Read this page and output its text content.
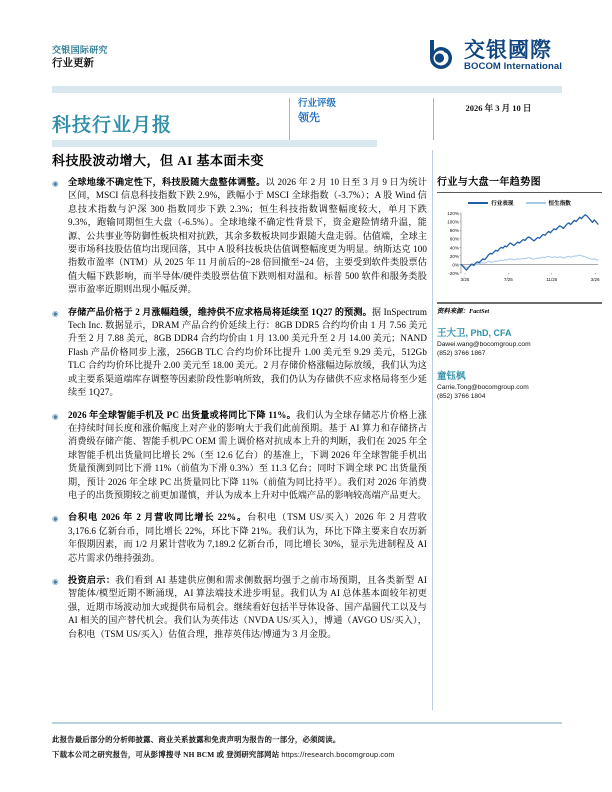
交银国际研究
行业更新
交银國際
BOCOM International
科技行业月报
行业评级
领先
2026 年 3 月 10 日
科技股波动增大，但 AI 基本面未变
◉	全球地缘不确定性下，科技股随大盘整体调整。以 2026 年 2 月 10 日至 3 月 9 日为统计区间，MSCI 信息科技指数下跌 2.9%，跌幅小于 MSCI 全球指数（-3.7%）；A 股 Wind 信息技术指数与沪深 300 指数同步下跌 2.3%；恒生科技指数调整幅度较大，单月下跌 9.3%，跑输同期恒生大盘（-6.5%）。全球地缘不确定性背景下，资金避险情绪升温，能源、公共事业等防御性板块相对抗跌，其余多数板块同步跟随大盘走弱。估值端，全球主要市场科技股估值均出现回落，其中 A 股科技板块估值调整幅度更为明显。纳斯达克 100 指数市盈率（NTM）从 2025 年 11 月前后的~28 倍回撤至~24 倍，主要受到软件类股票估值大幅下跌影响，而半导体/硬件类股票估值下跌则相对温和。标普 500 软件和服务类股票市盈率近期则出现小幅反弹。
◉	存储产品价格于 2 月涨幅趋缓，维持供不应求格局将延续至 1Q27 的预测。据 InSpectrum Tech Inc. 数据显示，DRAM 产品合约价延续上行：8GB DDR5 合约均价由 1 月 7.56 美元升至 2 月 7.88 美元，8GB DDR4 合约均价由 1 月 13.00 美元升至 2 月 14.00 美元；NAND Flash 产品价格同步上涨，256GB TLC 合约均价环比提升 1.00 美元至 9.29 美元，512Gb TLC 合约均价环比提升 2.00 美元至 18.00 美元。2 月存储价格涨幅边际放缓，我们认为这或主要系渠道端库存调整等因素阶段性影响所致，我们仍认为存储供不应求格局将至少延续至 1Q27。
◉	2026 年全球智能手机及 PC 出货量或将同比下降 11%。我们认为全球存储芯片价格上涨在持续时间长度和涨价幅度上对产业的影响大于我们此前预期。基于 AI 算力和存储挤占消费级存储产能、智能手机/PC OEM 需上调价格对抗成本上升的判断，我们在 2025 年全球智能手机出货量同比增长 2%（至 12.6 亿台）的基准上，下调 2026 年全球智能手机出货量预测到同比下滑 11%（前值为下滑 0.3%）至 11.3 亿台；同时下调全球 PC 出货量预期，预计 2026 年全球 PC 出货量同比下降 11%（前值为同比持平）。我们对 2026 年消费电子的出货预期较之前更加谨慎，并认为成本上升对中低端产品的影响较高端产品更大。
◉	台积电 2026 年 2 月营收同比增长 22%。台积电（TSM US/买入）2026 年 2 月营收 3,176.6 亿新台币，同比增长 22%，环比下降 21%。我们认为，环比下降主要来自农历新年假期因素，而 1/2 月累计营收为 7,189.2 亿新台币，同比增长 30%，显示先进制程及 AI 芯片需求仍维持强劲。
◉	投资启示：我们看到 AI 基建供应侧和需求侧数据均强于之前市场预期，且各类新型 AI 智能体/模型近期不断涌现，AI 算法端技术进步明显。我们认为 AI 总体基本面较年初更强，近期市场波动加大或提供布局机会。继续看好包括半导体设备、国产晶圆代工以及与 AI 相关的国产替代机会。我们认为英伟达（NVDA US/买入），博通（AVGO US/买入），台积电（TSM US/买入）估值合理，推荐英伟达/博通为 3 月金股。
行业与大盘一年趋势图
行业表现	恒生指数
-20%
0%
20%
40%
60%
80%
100%
120%
3/25	7/25	11/25	3/26
资料来源：FactSet
王大卫, PhD, CFA
Dawei.wang@bocomgroup.com
(852) 3766 1867
童钰枫
Carrie.Tong@bocomgroup.com
(852) 3766 1804
此报告最后部分的分析师披露、商业关系披露和免责声明为报告的一部分，必须阅读。
下载本公司之研究报告，可从彭博搜寻 NH BCM 或 登浏研究部网站 https://research.bocomgroup.com
